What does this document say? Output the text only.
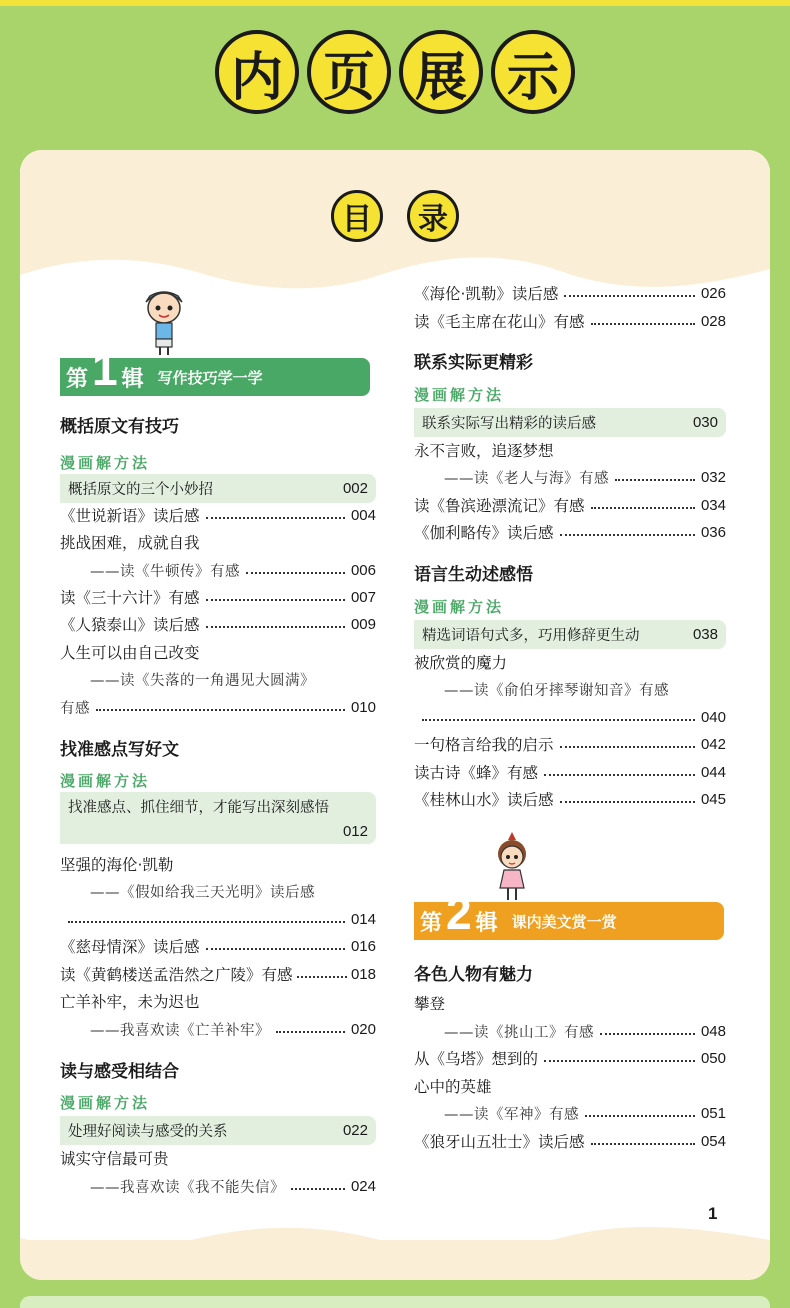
内 页 展 示
目	录
第 1 辑 写作技巧学一学
概括原文有技巧
漫画解方法
概括原文的三个小妙招	002
《世说新语》读后感	004
挑战困难，成就自我
——读《牛顿传》有感	006
读《三十六计》有感	007
《人猿泰山》读后感	009
人生可以由自己改变
——读《失落的一角遇见大圆满》
有感	010
找准感点写好文
漫画解方法
找准感点、抓住细节，才能写出深刻感悟
012
坚强的海伦·凯勒
——《假如给我三天光明》读后感
014
《慈母情深》读后感	016
读《黄鹤楼送孟浩然之广陵》有感	018
亡羊补牢，未为迟也
——我喜欢读《亡羊补牢》	020
读与感受相结合
漫画解方法
处理好阅读与感受的关系	022
诚实守信最可贵
——我喜欢读《我不能失信》	024
《海伦·凯勒》读后感	026
读《毛主席在花山》有感	028
联系实际更精彩
漫画解方法
联系实际写出精彩的读后感	030
永不言败，追逐梦想
——读《老人与海》有感	032
读《鲁滨逊漂流记》有感	034
《伽利略传》读后感	036
语言生动述感悟
漫画解方法
精选词语句式多，巧用修辞更生动	038
被欣赏的魔力
——读《俞伯牙摔琴谢知音》有感
040
一句格言给我的启示	042
读古诗《蜂》有感	044
《桂林山水》读后感	045
第 2 辑 课内美文赏一赏
各色人物有魅力
攀登
——读《挑山工》有感	048
从《乌塔》想到的	050
心中的英雄
——读《军神》有感	051
《狼牙山五壮士》读后感	054
1
